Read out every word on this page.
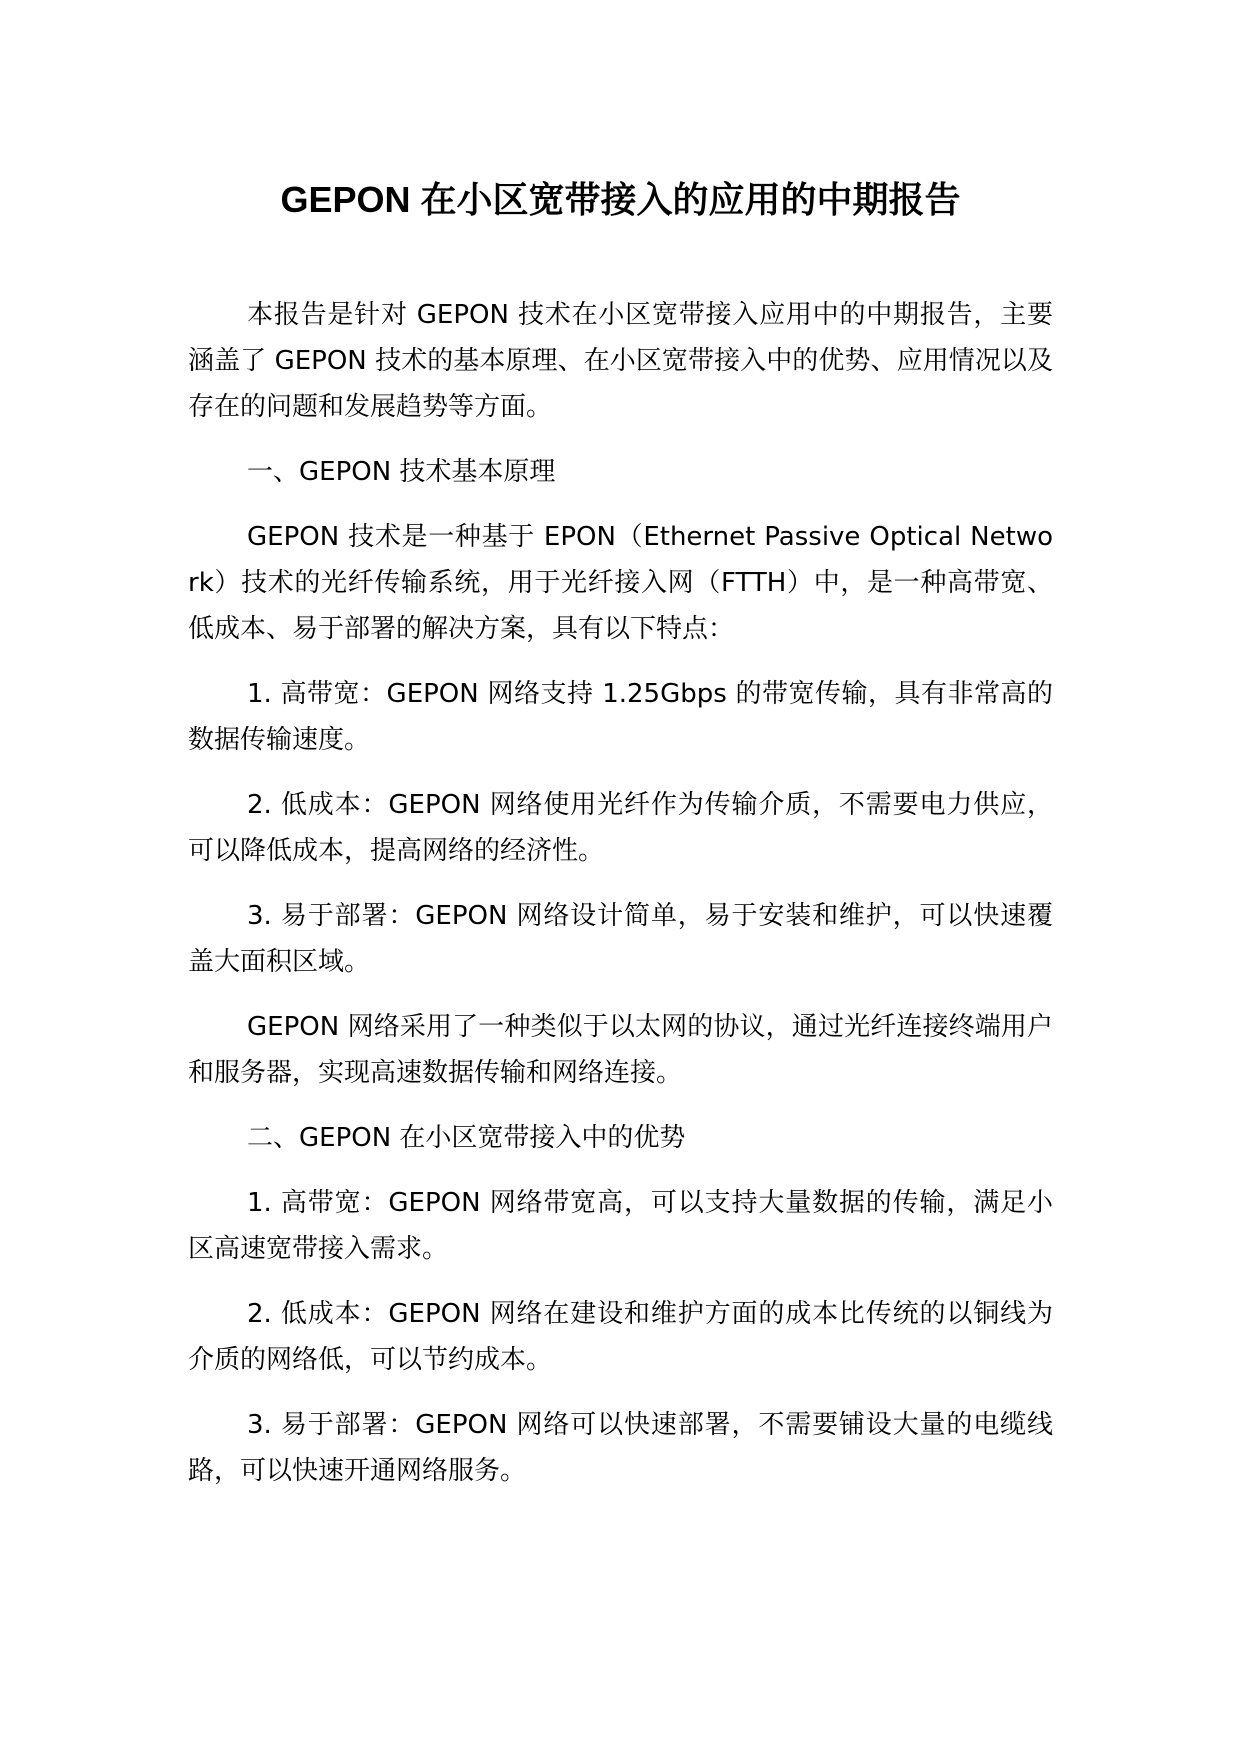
GEPON 在小区宽带接入的应用的中期报告

本报告是针对 GEPON 技术在小区宽带接入应用中的中期报告，主要涵盖了 GEPON 技术的基本原理、在小区宽带接入中的优势、应用情况以及存在的问题和发展趋势等方面。

一、GEPON 技术基本原理

GEPON 技术是一种基于 EPON（Ethernet Passive Optical Network）技术的光纤传输系统，用于光纤接入网（FTTH）中，是一种高带宽、低成本、易于部署的解决方案，具有以下特点：

1. 高带宽：GEPON 网络支持 1.25Gbps 的带宽传输，具有非常高的数据传输速度。

2. 低成本：GEPON 网络使用光纤作为传输介质，不需要电力供应，可以降低成本，提高网络的经济性。

3. 易于部署：GEPON 网络设计简单，易于安装和维护，可以快速覆盖大面积区域。

GEPON 网络采用了一种类似于以太网的协议，通过光纤连接终端用户和服务器，实现高速数据传输和网络连接。

二、GEPON 在小区宽带接入中的优势

1. 高带宽：GEPON 网络带宽高，可以支持大量数据的传输，满足小区高速宽带接入需求。

2. 低成本：GEPON 网络在建设和维护方面的成本比传统的以铜线为介质的网络低，可以节约成本。

3. 易于部署：GEPON 网络可以快速部署，不需要铺设大量的电缆线路，可以快速开通网络服务。
